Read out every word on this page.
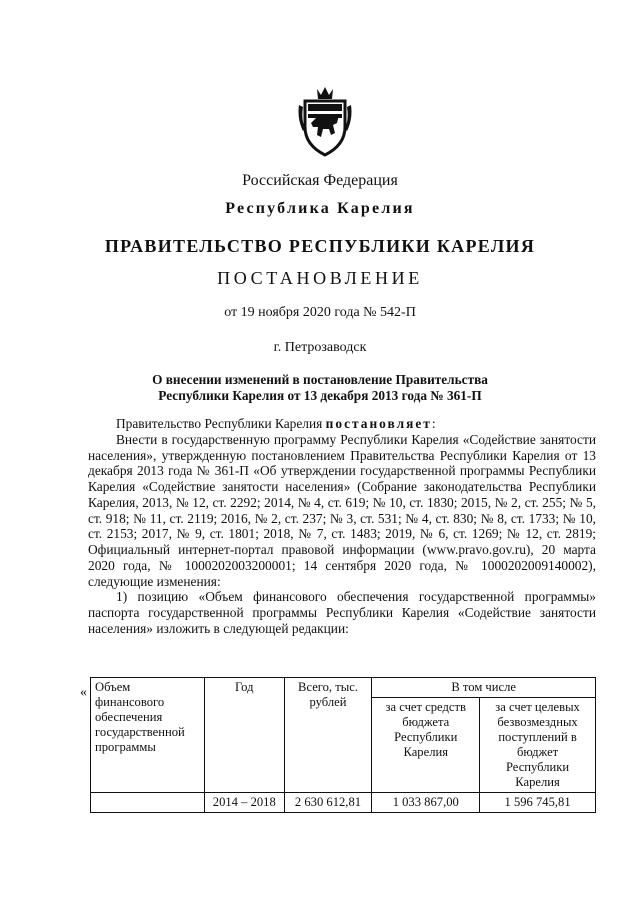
Российская Федерация
Республика Карелия
ПРАВИТЕЛЬСТВО РЕСПУБЛИКИ КАРЕЛИЯ
ПОСТАНОВЛЕНИЕ
от 19 ноября 2020 года № 542-П
г. Петрозаводск
О внесении изменений в постановление Правительства
Республики Карелия от 13 декабря 2013 года № 361-П

Правительство Республики Карелия постановляет:

Внести в государственную программу Республики Карелия «Содействие занятости населения», утвержденную постановлением Правительства Республики Карелия от 13 декабря 2013 года № 361-П «Об утверждении государственной программы Республики Карелия «Содействие занятости населения» (Собрание законодательства Республики Карелия, 2013, № 12, ст. 2292; 2014, № 4, ст. 619; № 10, ст. 1830; 2015, № 2, ст. 255; № 5, ст. 918; № 11, ст. 2119; 2016, № 2, ст. 237; № 3, ст. 531; № 4, ст. 830; № 8, ст. 1733; № 10, ст. 2153; 2017, № 9, ст. 1801; 2018, № 7, ст. 1483; 2019, № 6, ст. 1269; № 12, ст. 2819; Официальный интернет-портал правовой информации (www.pravo.gov.ru), 20 марта 2020 года, № 1000202003200001; 14 сентября 2020 года, № 1000202009140002), следующие изменения:

1) позицию «Объем финансового обеспечения государственной программы» паспорта государственной программы Республики Карелия «Содействие занятости населения» изложить в следующей редакции:

« Объем финансового обеспечения государственной программы	Год	Всего, тыс. рублей	В том числе	
			за счет средств бюджета Республики Карелия	за счет целевых безвозмездных поступлений в бюджет Республики Карелия
	2014 – 2018	2 630 612,81	1 033 867,00	1 596 745,81
